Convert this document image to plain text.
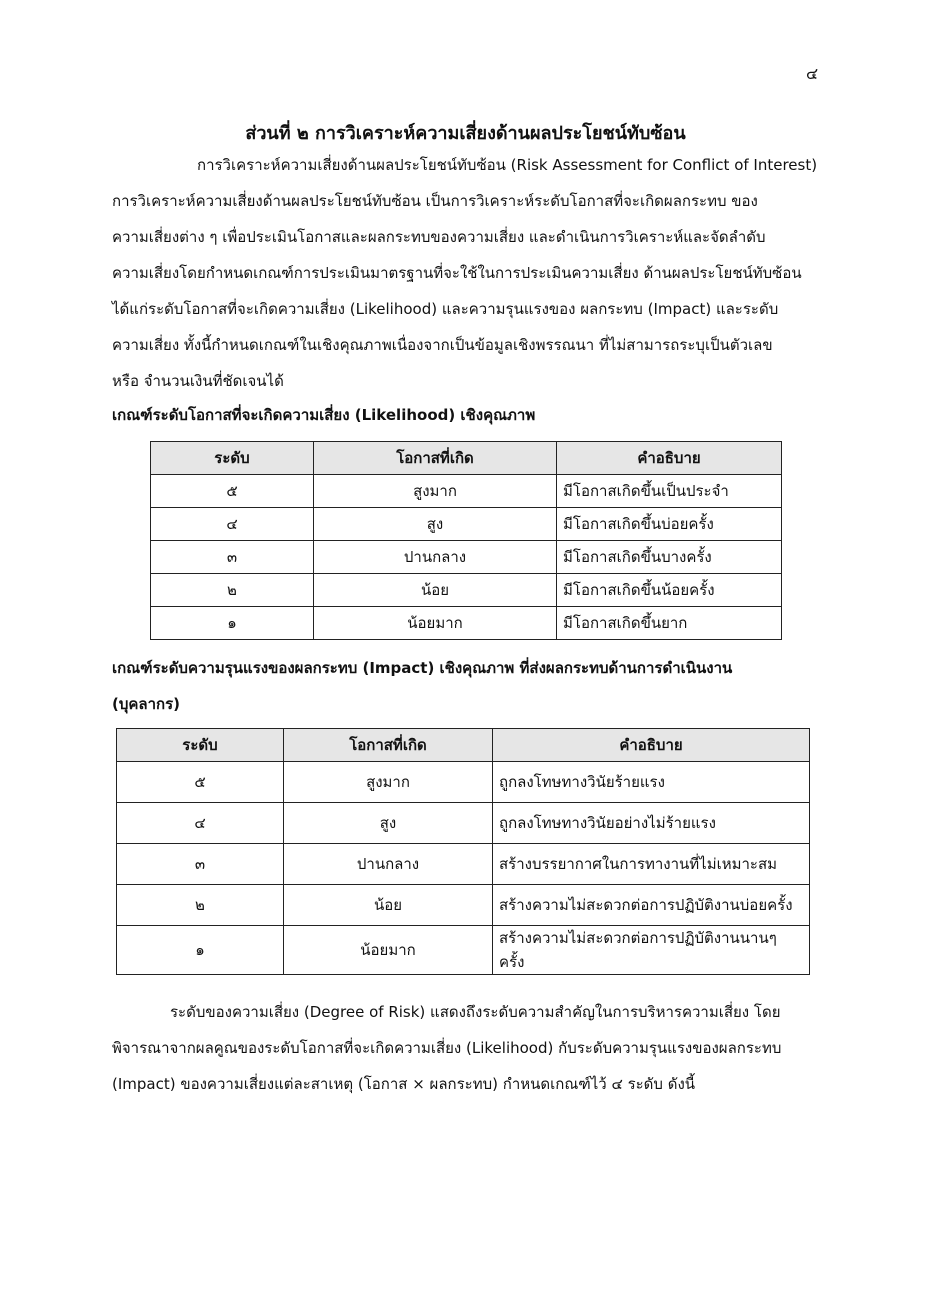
๔
ส่วนที่ ๒ การวิเคราะห์ความเสี่ยงด้านผลประโยชน์ทับซ้อน
การวิเคราะห์ความเสี่ยงด้านผลประโยชน์ทับซ้อน (Risk Assessment for Conflict of Interest)
การวิเคราะห์ความเสี่ยงด้านผลประโยชน์ทับซ้อน เป็นการวิเคราะห์ระดับโอกาสที่จะเกิดผลกระทบ ของ
ความเสี่ยงต่าง ๆ เพื่อประเมินโอกาสและผลกระทบของความเสี่ยง และดำเนินการวิเคราะห์และจัดลำดับ
ความเสี่ยงโดยกำหนดเกณฑ์การประเมินมาตรฐานที่จะใช้ในการประเมินความเสี่ยง ด้านผลประโยชน์ทับซ้อน
ได้แก่ระดับโอกาสที่จะเกิดความเสี่ยง (Likelihood) และความรุนแรงของ ผลกระทบ (Impact) และระดับ
ความเสี่ยง ทั้งนี้กำหนดเกณฑ์ในเชิงคุณภาพเนื่องจากเป็นข้อมูลเชิงพรรณนา ที่ไม่สามารถระบุเป็นตัวเลข
หรือ จำนวนเงินที่ชัดเจนได้
เกณฑ์ระดับโอกาสที่จะเกิดความเสี่ยง (Likelihood) เชิงคุณภาพ
ระดับ	โอกาสที่เกิด	คำอธิบาย
๕	สูงมาก	มีโอกาสเกิดขึ้นเป็นประจำ
๔	สูง	มีโอกาสเกิดขึ้นบ่อยครั้ง
๓	ปานกลาง	มีโอกาสเกิดขึ้นบางครั้ง
๒	น้อย	มีโอกาสเกิดขึ้นน้อยครั้ง
๑	น้อยมาก	มีโอกาสเกิดขึ้นยาก
เกณฑ์ระดับความรุนแรงของผลกระทบ (Impact) เชิงคุณภาพ ที่ส่งผลกระทบด้านการดำเนินงาน
(บุคลากร)
ระดับ	โอกาสที่เกิด	คำอธิบาย
๕	สูงมาก	ถูกลงโทษทางวินัยร้ายแรง
๔	สูง	ถูกลงโทษทางวินัยอย่างไม่ร้ายแรง
๓	ปานกลาง	สร้างบรรยากาศในการทางานที่ไม่เหมาะสม
๒	น้อย	สร้างความไม่สะดวกต่อการปฏิบัติงานบ่อยครั้ง
๑	น้อยมาก	สร้างความไม่สะดวกต่อการปฏิบัติงานนานๆ ครั้ง
ระดับของความเสี่ยง (Degree of Risk) แสดงถึงระดับความสำคัญในการบริหารความเสี่ยง โดย
พิจารณาจากผลคูณของระดับโอกาสที่จะเกิดความเสี่ยง (Likelihood) กับระดับความรุนแรงของผลกระทบ
(Impact) ของความเสี่ยงแต่ละสาเหตุ (โอกาส × ผลกระทบ) กำหนดเกณฑ์ไว้ ๔ ระดับ ดังนี้
